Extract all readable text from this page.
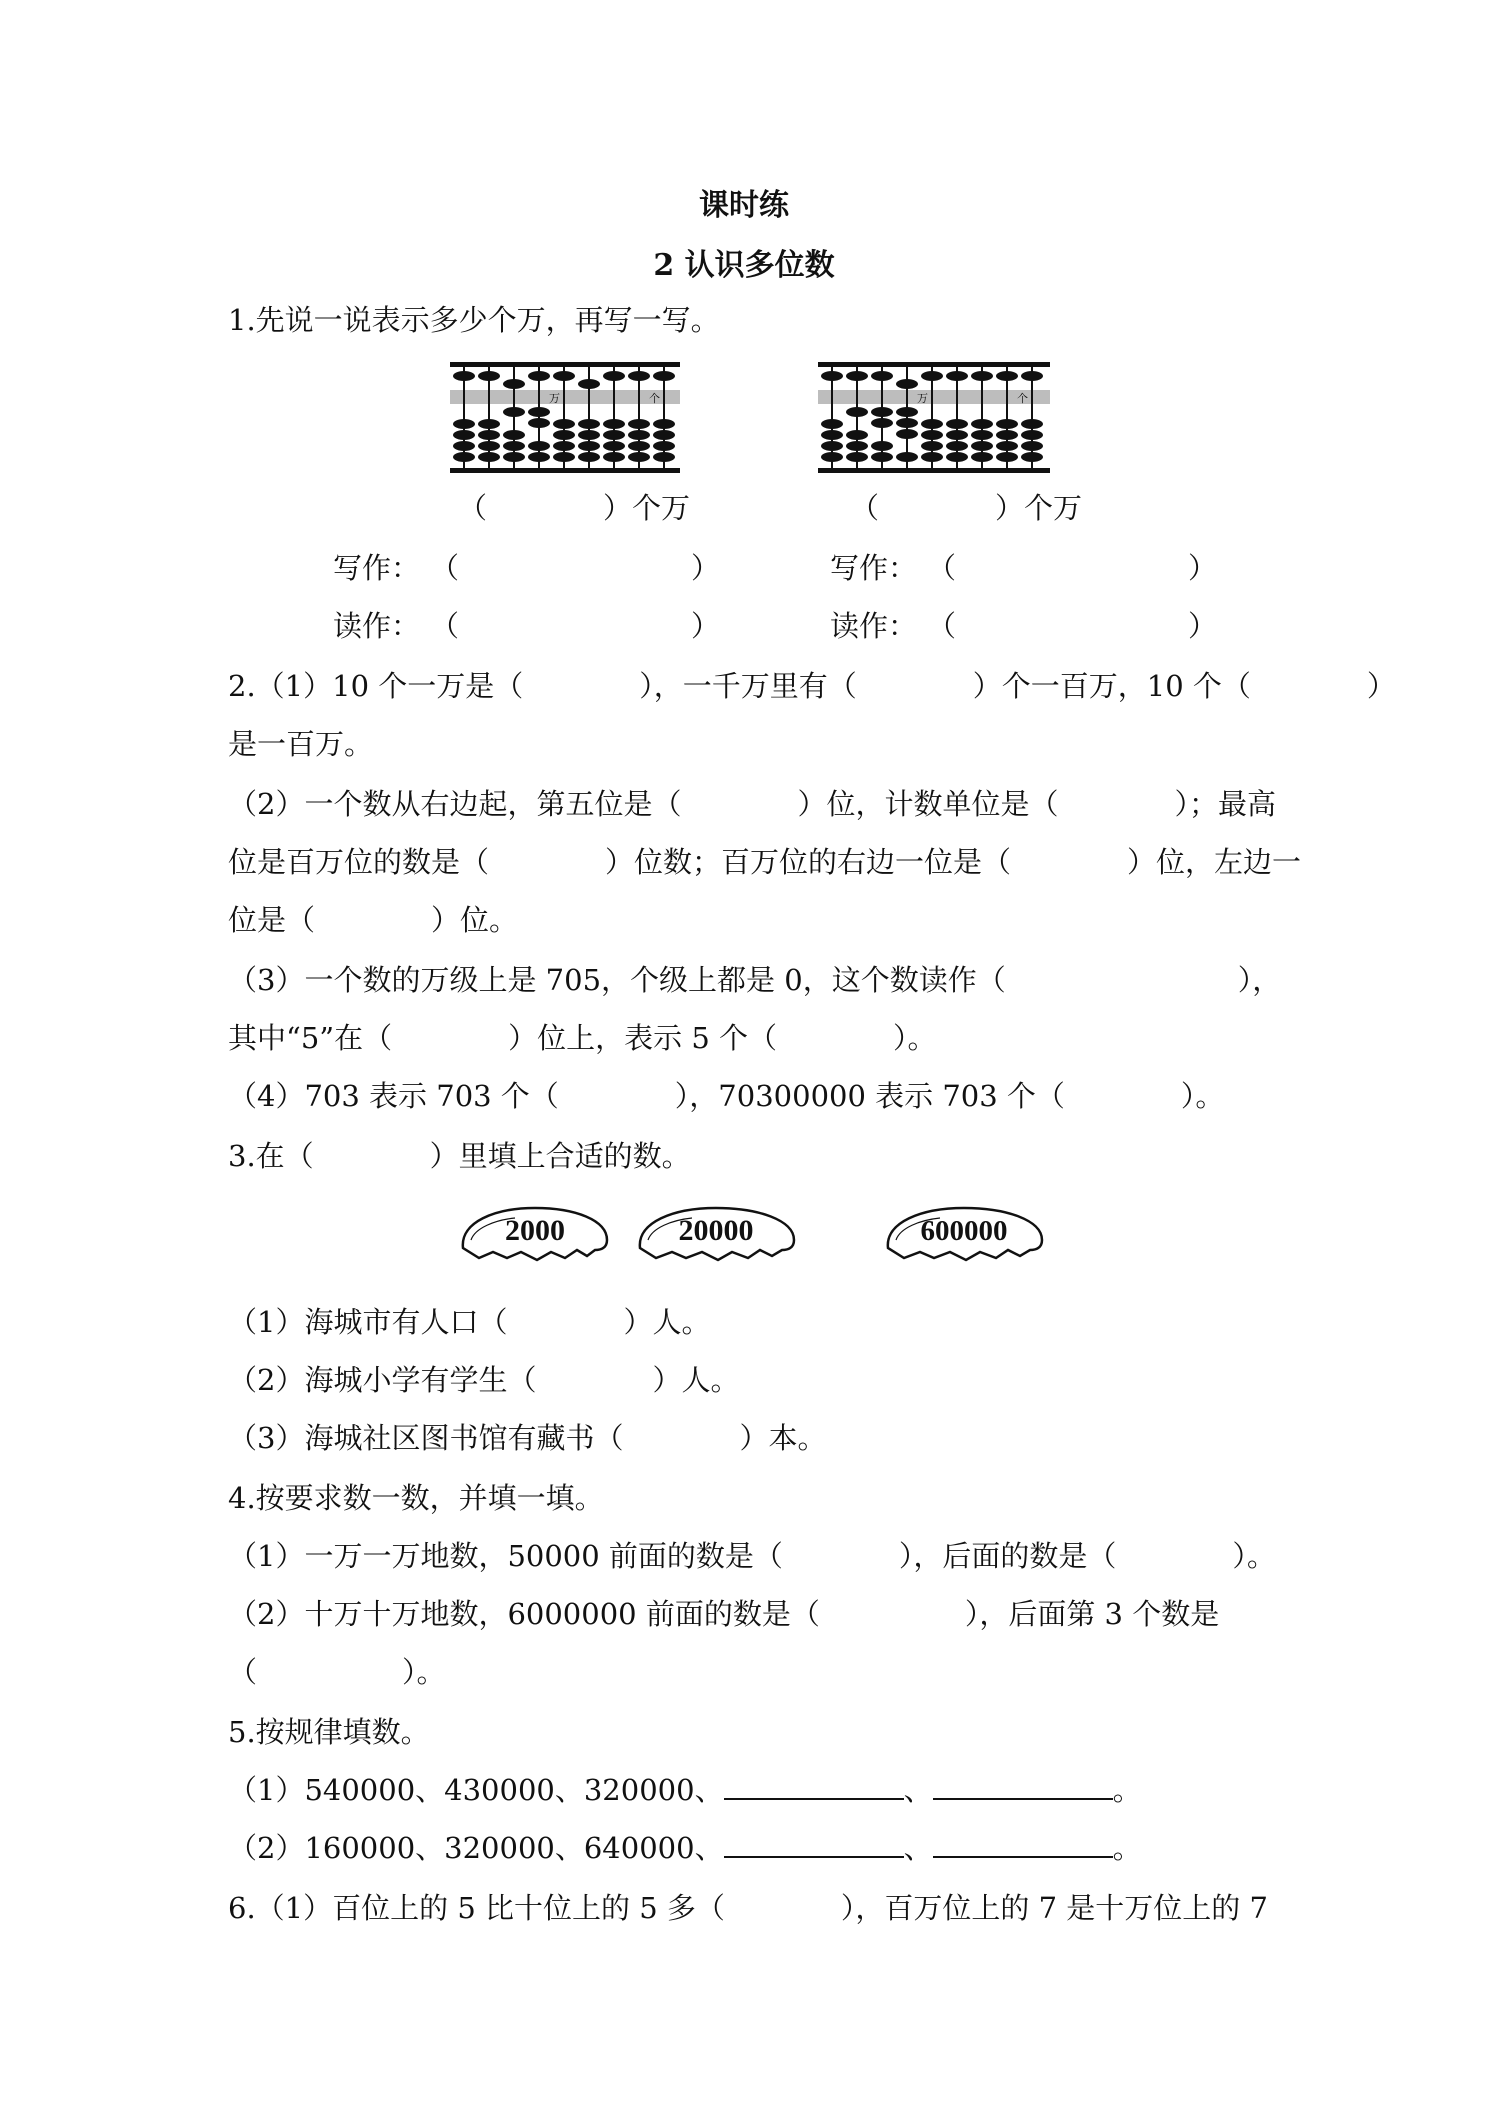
课时练
2 认识多位数
1.先说一说表示多少个万，再写一写。
万	个	万	个
（　　　　）个万	（　　　　）个万
写作： （　　　　　　　　）	写作： （　　　　　　　　）
读作： （　　　　　　　　）	读作： （　　　　　　　　）
2.（1）10 个一万是（　　　　），一千万里有（　　　　）个一百万，10 个（　　　　）
是一百万。
（2）一个数从右边起，第五位是（　　　　）位，计数单位是（　　　　）；最高
位是百万位的数是（　　　　）位数；百万位的右边一位是（　　　　）位，左边一
位是（　　　　）位。
（3）一个数的万级上是 705，个级上都是 0，这个数读作（　　　　　　　　），
其中“5”在（　　　　）位上，表示 5 个（　　　　）。
（4）703 表示 703 个（　　　　），70300000 表示 703 个（　　　　）。
3.在（　　　　）里填上合适的数。
2000	20000	600000
（1）海城市有人口（　　　　）人。
（2）海城小学有学生（　　　　）人。
（3）海城社区图书馆有藏书（　　　　）本。
4.按要求数一数，并填一填。
（1）一万一万地数，50000 前面的数是（　　　　），后面的数是（　　　　）。
（2）十万十万地数，6000000 前面的数是（　　　　　），后面第 3 个数是
（　　　　　）。
5.按规律填数。
（1）540000、430000、320000、	、	。
（2）160000、320000、640000、	、	。
6.（1）百位上的 5 比十位上的 5 多（　　　　），百万位上的 7 是十万位上的 7
